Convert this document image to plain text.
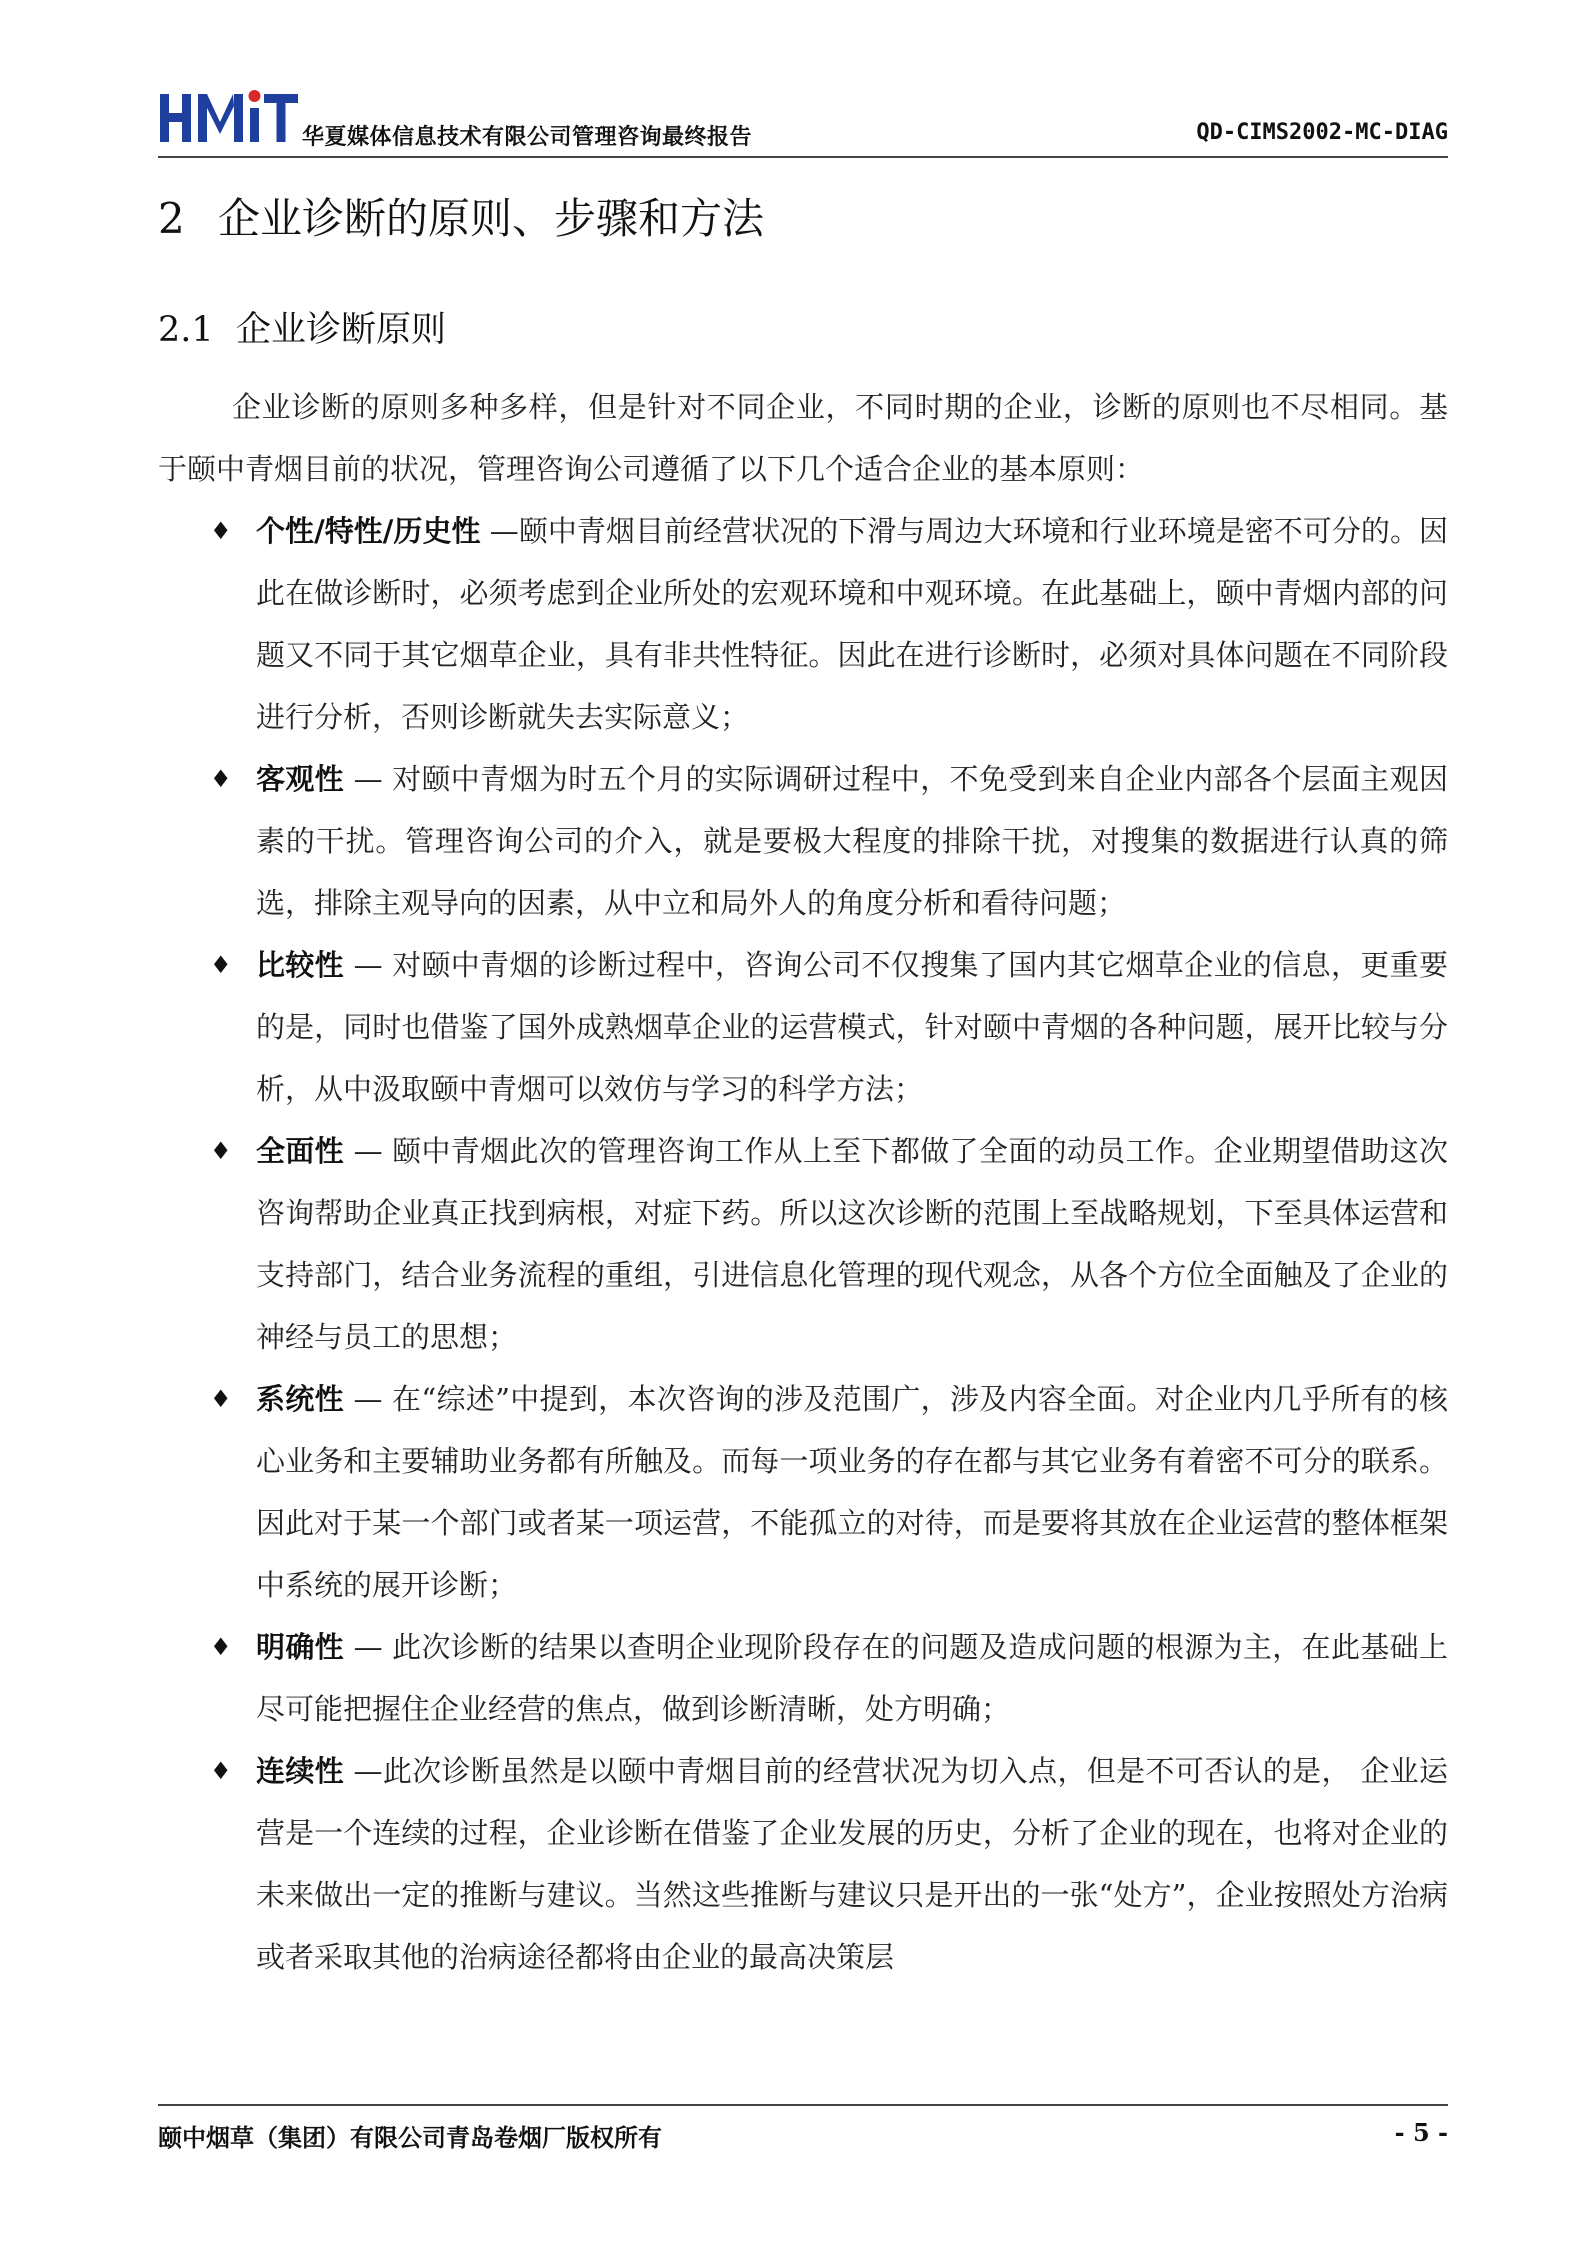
华夏媒体信息技术有限公司管理咨询最终报告	QD-CIMS2002-MC-DIAG
2 企业诊断的原则、步骤和方法
2.1 企业诊断原则

企业诊断的原则多种多样，但是针对不同企业，不同时期的企业，诊断的原则也不尽相同。基于颐中青烟目前的状况，管理咨询公司遵循了以下几个适合企业的基本原则：

♦ 个性/特性/历史性 —颐中青烟目前经营状况的下滑与周边大环境和行业环境是密不可分的。因此在做诊断时，必须考虑到企业所处的宏观环境和中观环境。在此基础上，颐中青烟内部的问题又不同于其它烟草企业，具有非共性特征。因此在进行诊断时，必须对具体问题在不同阶段进行分析，否则诊断就失去实际意义；
♦ 客观性 — 对颐中青烟为时五个月的实际调研过程中，不免受到来自企业内部各个层面主观因素的干扰。管理咨询公司的介入，就是要极大程度的排除干扰，对搜集的数据进行认真的筛选，排除主观导向的因素，从中立和局外人的角度分析和看待问题；
♦ 比较性 — 对颐中青烟的诊断过程中，咨询公司不仅搜集了国内其它烟草企业的信息，更重要的是，同时也借鉴了国外成熟烟草企业的运营模式，针对颐中青烟的各种问题，展开比较与分析，从中汲取颐中青烟可以效仿与学习的科学方法；
♦ 全面性 — 颐中青烟此次的管理咨询工作从上至下都做了全面的动员工作。企业期望借助这次咨询帮助企业真正找到病根，对症下药。所以这次诊断的范围上至战略规划，下至具体运营和支持部门，结合业务流程的重组，引进信息化管理的现代观念，从各个方位全面触及了企业的神经与员工的思想；
♦ 系统性 — 在“综述”中提到，本次咨询的涉及范围广，涉及内容全面。对企业内几乎所有的核心业务和主要辅助业务都有所触及。而每一项业务的存在都与其它业务有着密不可分的联系。因此对于某一个部门或者某一项运营，不能孤立的对待，而是要将其放在企业运营的整体框架中系统的展开诊断；
♦ 明确性 — 此次诊断的结果以查明企业现阶段存在的问题及造成问题的根源为主，在此基础上尽可能把握住企业经营的焦点，做到诊断清晰，处方明确；
♦ 连续性 —此次诊断虽然是以颐中青烟目前的经营状况为切入点，但是不可否认的是， 企业运营是一个连续的过程，企业诊断在借鉴了企业发展的历史，分析了企业的现在，也将对企业的未来做出一定的推断与建议。当然这些推断与建议只是开出的一张“处方”，企业按照处方治病或者采取其他的治病途径都将由企业的最高决策层
颐中烟草（集团）有限公司青岛卷烟厂版权所有	- 5 -
